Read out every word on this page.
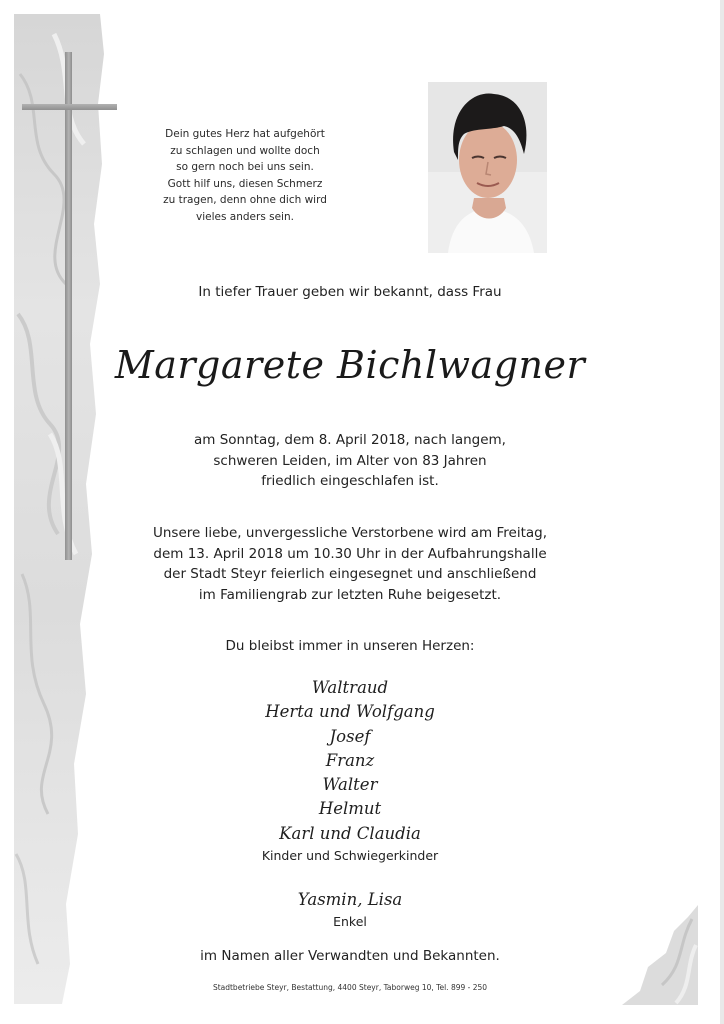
Dein gutes Herz hat aufgehört
zu schlagen und wollte doch
so gern noch bei uns sein.
Gott hilf uns, diesen Schmerz
zu tragen, denn ohne dich wird
vieles anders sein.
In tiefer Trauer geben wir bekannt, dass Frau
Margarete Bichlwagner
am Sonntag, dem 8. April 2018, nach langem,
schweren Leiden, im Alter von 83 Jahren
friedlich eingeschlafen ist.
Unsere liebe, unvergessliche Verstorbene wird am Freitag,
dem 13. April 2018 um 10.30 Uhr in der Aufbahrungshalle
der Stadt Steyr feierlich eingesegnet und anschließend
im Familiengrab zur letzten Ruhe beigesetzt.
Du bleibst immer in unseren Herzen:
Waltraud
Herta und Wolfgang
Josef
Franz
Walter
Helmut
Karl und Claudia
Kinder und Schwiegerkinder
Yasmin, Lisa
Enkel
im Namen aller Verwandten und Bekannten.
Stadtbetriebe Steyr, Bestattung, 4400 Steyr, Taborweg 10, Tel. 899 - 250
